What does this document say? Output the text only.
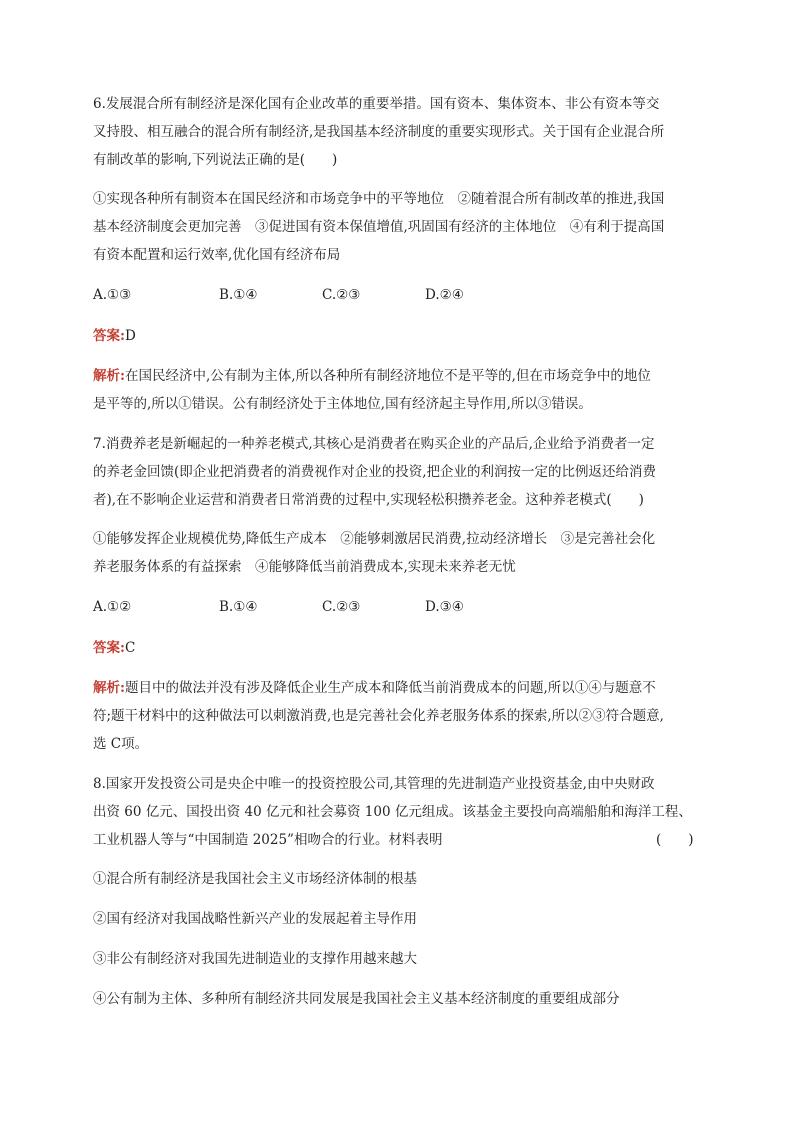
6.发展混合所有制经济是深化国有企业改革的重要举措。国有资本、集体资本、非公有资本等交
叉持股、相互融合的混合所有制经济,是我国基本经济制度的重要实现形式。关于国有企业混合所
有制改革的影响,下列说法正确的是(　　)
①实现各种所有制资本在国民经济和市场竞争中的平等地位　②随着混合所有制改革的推进,我国
基本经济制度会更加完善　③促进国有资本保值增值,巩固国有经济的主体地位　④有利于提高国
有资本配置和运行效率,优化国有经济布局
A.①③	B.①④	C.②③	D.②④
答案:D
解析:在国民经济中,公有制为主体,所以各种所有制经济地位不是平等的,但在市场竞争中的地位
是平等的,所以①错误。公有制经济处于主体地位,国有经济起主导作用,所以③错误。
7.消费养老是新崛起的一种养老模式,其核心是消费者在购买企业的产品后,企业给予消费者一定
的养老金回馈(即企业把消费者的消费视作对企业的投资,把企业的利润按一定的比例返还给消费
者),在不影响企业运营和消费者日常消费的过程中,实现轻松积攒养老金。这种养老模式(　　)
①能够发挥企业规模优势,降低生产成本　②能够刺激居民消费,拉动经济增长　③是完善社会化
养老服务体系的有益探索　④能够降低当前消费成本,实现未来养老无忧
A.①②	B.①④	C.②③	D.③④
答案:C
解析:题目中的做法并没有涉及降低企业生产成本和降低当前消费成本的问题,所以①④与题意不
符;题干材料中的这种做法可以刺激消费,也是完善社会化养老服务体系的探索,所以②③符合题意,
选 C项。
8.国家开发投资公司是央企中唯一的投资控股公司,其管理的先进制造产业投资基金,由中央财政
出资 60 亿元、国投出资 40 亿元和社会募资 100 亿元组成。该基金主要投向高端船舶和海洋工程、
工业机器人等与“中国制造 2025”相吻合的行业。材料表明	(　　)
①混合所有制经济是我国社会主义市场经济体制的根基
②国有经济对我国战略性新兴产业的发展起着主导作用
③非公有制经济对我国先进制造业的支撑作用越来越大
④公有制为主体、多种所有制经济共同发展是我国社会主义基本经济制度的重要组成部分
